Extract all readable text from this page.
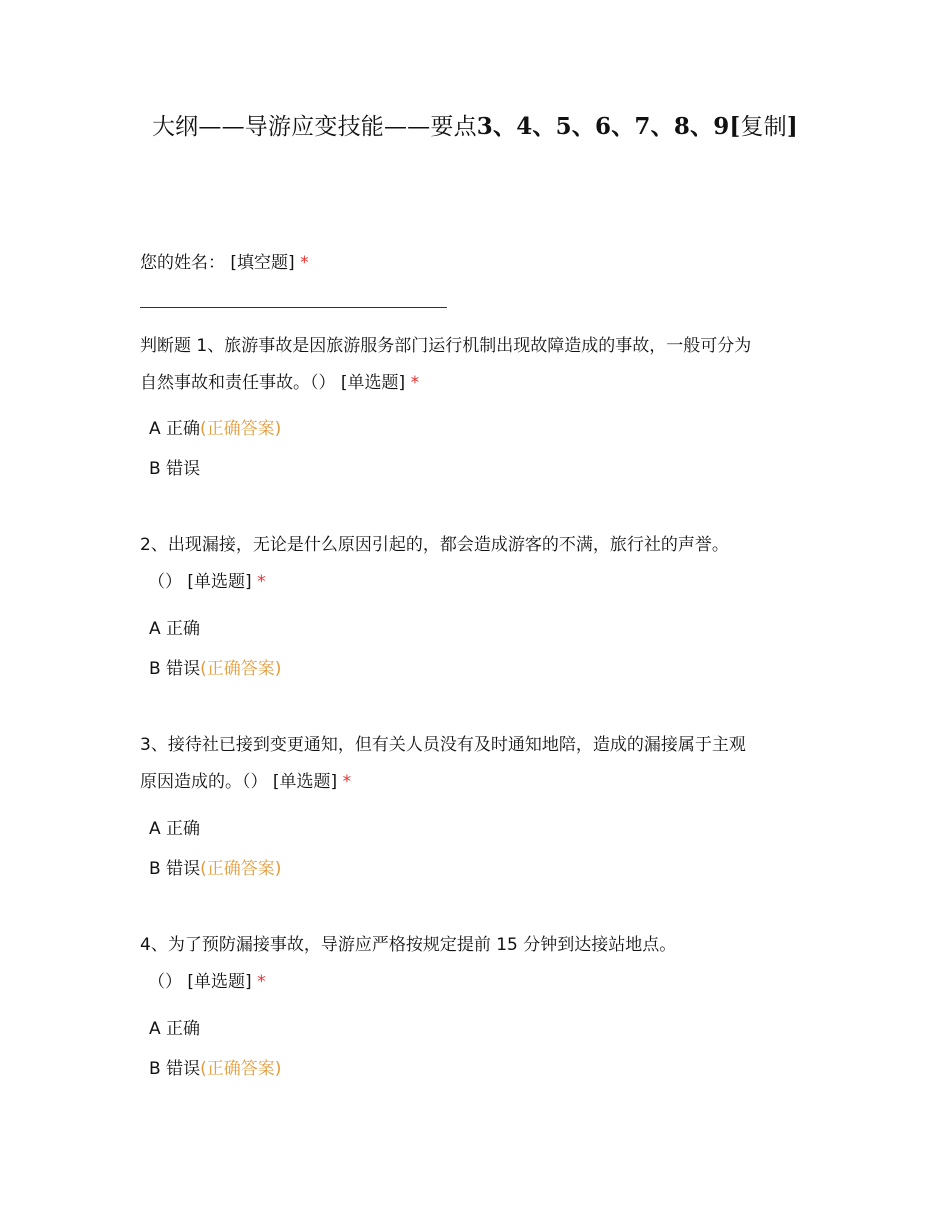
大纲——导游应变技能——要点3、4、5、6、7、8、9[复制]
您的姓名： [填空题] *
判断题 1、旅游事故是因旅游服务部门运行机制出现故障造成的事故，一般可分为
自然事故和责任事故。（） [单选题] *
A 正确(正确答案)
B 错误
2、出现漏接，无论是什么原因引起的，都会造成游客的不满，旅行社的声誉。
（） [单选题] *
A 正确
B 错误(正确答案)
3、接待社已接到变更通知，但有关人员没有及时通知地陪，造成的漏接属于主观
原因造成的。（） [单选题] *
A 正确
B 错误(正确答案)
4、为了预防漏接事故，导游应严格按规定提前 15 分钟到达接站地点。
（） [单选题] *
A 正确
B 错误(正确答案)
